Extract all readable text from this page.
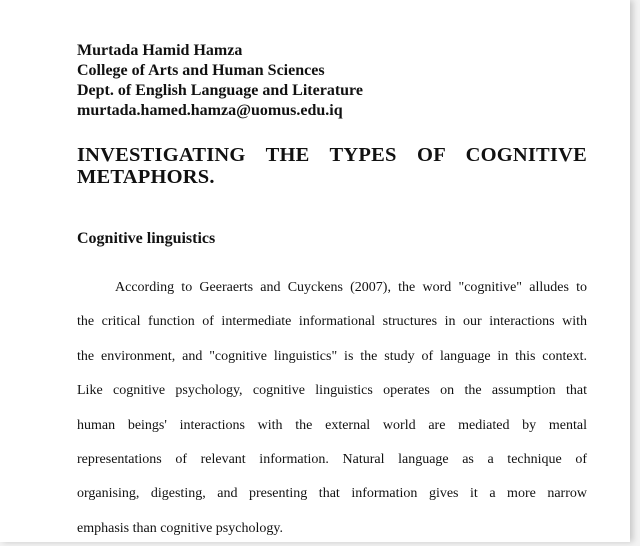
Murtada Hamid Hamza
College of Arts and Human Sciences
Dept. of English Language and Literature
murtada.hamed.hamza@uomus.edu.iq
INVESTIGATING THE TYPES OF COGNITIVE METAPHORS.
Cognitive linguistics
According to Geeraerts and Cuyckens (2007), the word "cognitive" alludes to
the critical function of intermediate informational structures in our interactions with
the environment, and "cognitive linguistics" is the study of language in this context.
Like cognitive psychology, cognitive linguistics operates on the assumption that
human beings' interactions with the external world are mediated by mental
representations of relevant information. Natural language as a technique of
organising, digesting, and presenting that information gives it a more narrow
emphasis than cognitive psychology.
